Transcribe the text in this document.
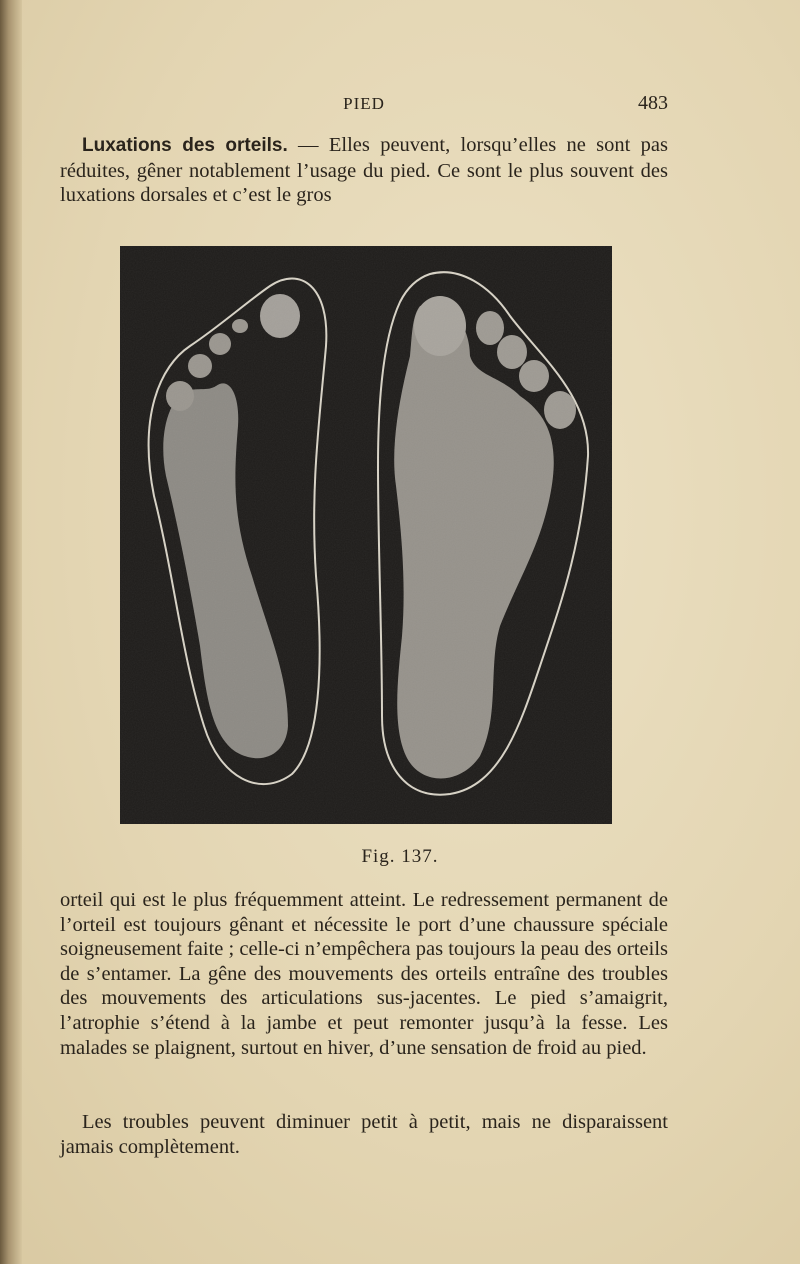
PIED	483
Luxations des orteils. — Elles peuvent, lorsqu’elles ne sont pas réduites, gêner notablement l’usage du pied. Ce sont le plus souvent des luxations dorsales et c’est le gros
Fig. 137.
orteil qui est le plus fréquemment atteint. Le redressement permanent de l’orteil est toujours gênant et nécessite le port d’une chaussure spéciale soigneusement faite ; celle-ci n’empêchera pas toujours la peau des orteils de s’entamer. La gêne des mouvements des orteils entraîne des troubles des mouvements des articulations sus-jacentes. Le pied s’amaigrit, l’atrophie s’étend à la jambe et peut remonter jusqu’à la fesse. Les malades se plaignent, surtout en hiver, d’une sensation de froid au pied.
Les troubles peuvent diminuer petit à petit, mais ne disparaissent jamais complètement.
